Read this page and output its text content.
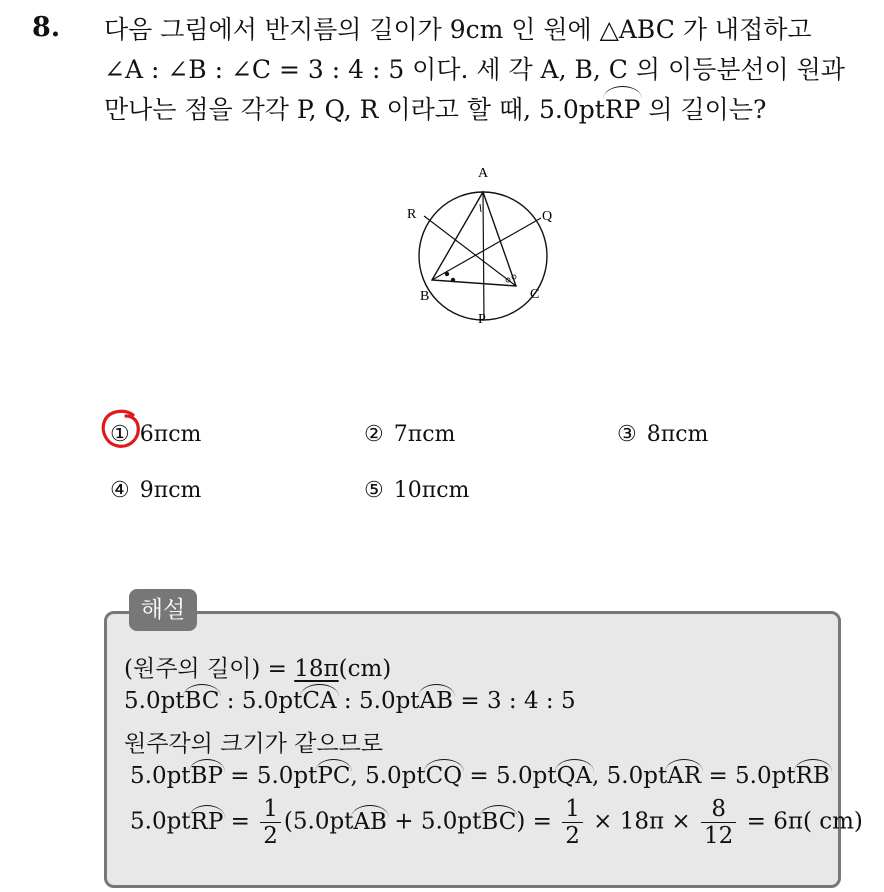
8. 다음 그림에서 반지름의 길이가 9cm 인 원에 △ABC 가 내접하고
∠A : ∠B : ∠C = 3 : 4 : 5 이다. 세 각 A, B, C 의 이등분선이 원과
만나는 점을 각각 P, Q, R 이라고 할 때, 5.0ptRP 의 길이는?
A
R	Q
B	C
P
① 6πcm	② 7πcm	③ 8πcm
④ 9πcm	⑤ 10πcm
해설
(원주의 길이) = 18π(cm)
5.0ptBC : 5.0ptCA : 5.0ptAB = 3 : 4 : 5
원주각의 크기가 같으므로
5.0ptBP = 5.0ptPC, 5.0ptCQ = 5.0ptQA, 5.0ptAR = 5.0ptRB
5.0ptRP = $\frac{1}{2}$ (5.0ptAB + 5.0ptBC) = $\frac{1}{2} \times 18\pi \times \frac{8}{12} = 6\pi$( cm)
